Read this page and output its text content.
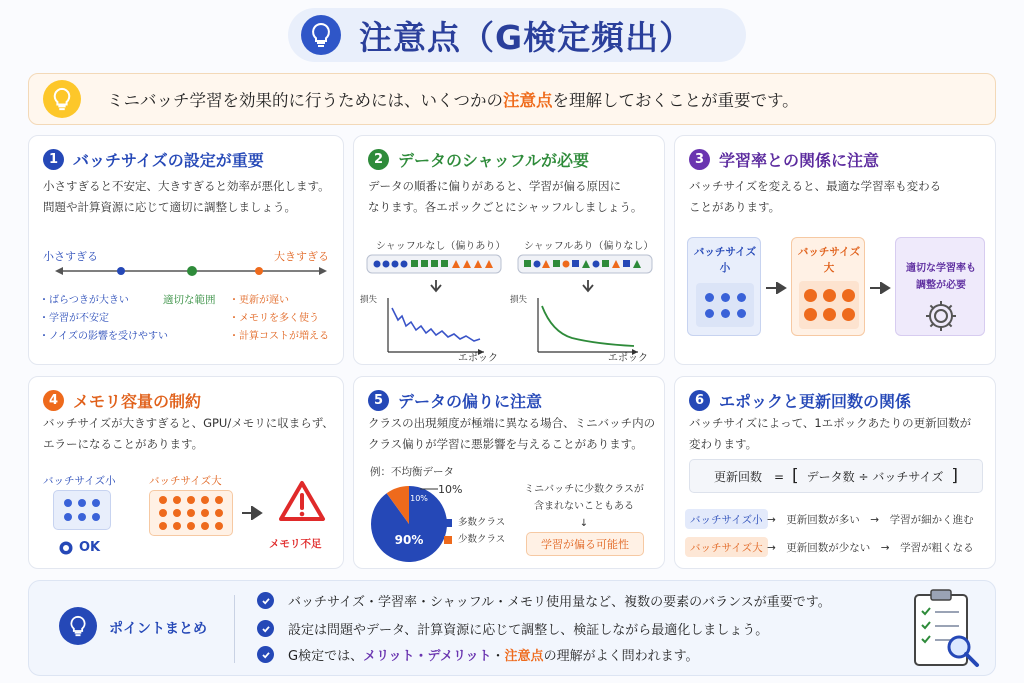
注意点（G検定頻出）
ミニバッチ学習を効果的に行うためには、いくつかの注意点を理解しておくことが重要です。
1 バッチサイズの設定が重要
小さすぎると不安定、大きすぎると効率が悪化します。
問題や計算資源に応じて適切に調整しましょう。
小さすぎる	大きすぎる
適切な範囲
・ばらつきが大きい
・学習が不安定
・ノイズの影響を受けやすい
・更新が遅い
・メモリを多く使う
・計算コストが増える
2 データのシャッフルが必要
データの順番に偏りがあると、学習が偏る原因に
なります。各エポックごとにシャッフルしましょう。
シャッフルなし（偏りあり） シャッフルあり（偏りなし）
損失	損失
エポック	エポック
3 学習率との関係に注意
バッチサイズを変えると、最適な学習率も変わる
ことがあります。
バッチサイズ
小
バッチサイズ
大	適切な学習率も
調整が必要
4 メモリ容量の制約
バッチサイズが大きすぎると、GPU/メモリに収まらず、
エラーになることがあります。
バッチサイズ小	バッチサイズ大
OK	メモリ不足
5 データの偏りに注意
クラスの出現頻度が極端に異なる場合、ミニバッチ内の
クラス偏りが学習に悪影響を与えることがあります。
例：不均衡データ
90%
10%
10%
多数クラス
少数クラス
ミニバッチに少数クラスが
含まれないこともある
↓
学習が偏る可能性
6 エポックと更新回数の関係
バッチサイズによって、1エポックあたりの更新回数が
変わります。
更新回数　= [ データ数 ÷ バッチサイズ ]
バッチサイズ小 →　更新回数が多い　→　学習が細かく進む
バッチサイズ大 →　更新回数が少ない　→　学習が粗くなる
ポイントまとめ
バッチサイズ・学習率・シャッフル・メモリ使用量など、複数の要素のバランスが重要です。
設定は問題やデータ、計算資源に応じて調整し、検証しながら最適化しましょう。
G検定では、 メリット・デメリット ・ 注意点 の理解がよく問われます。
